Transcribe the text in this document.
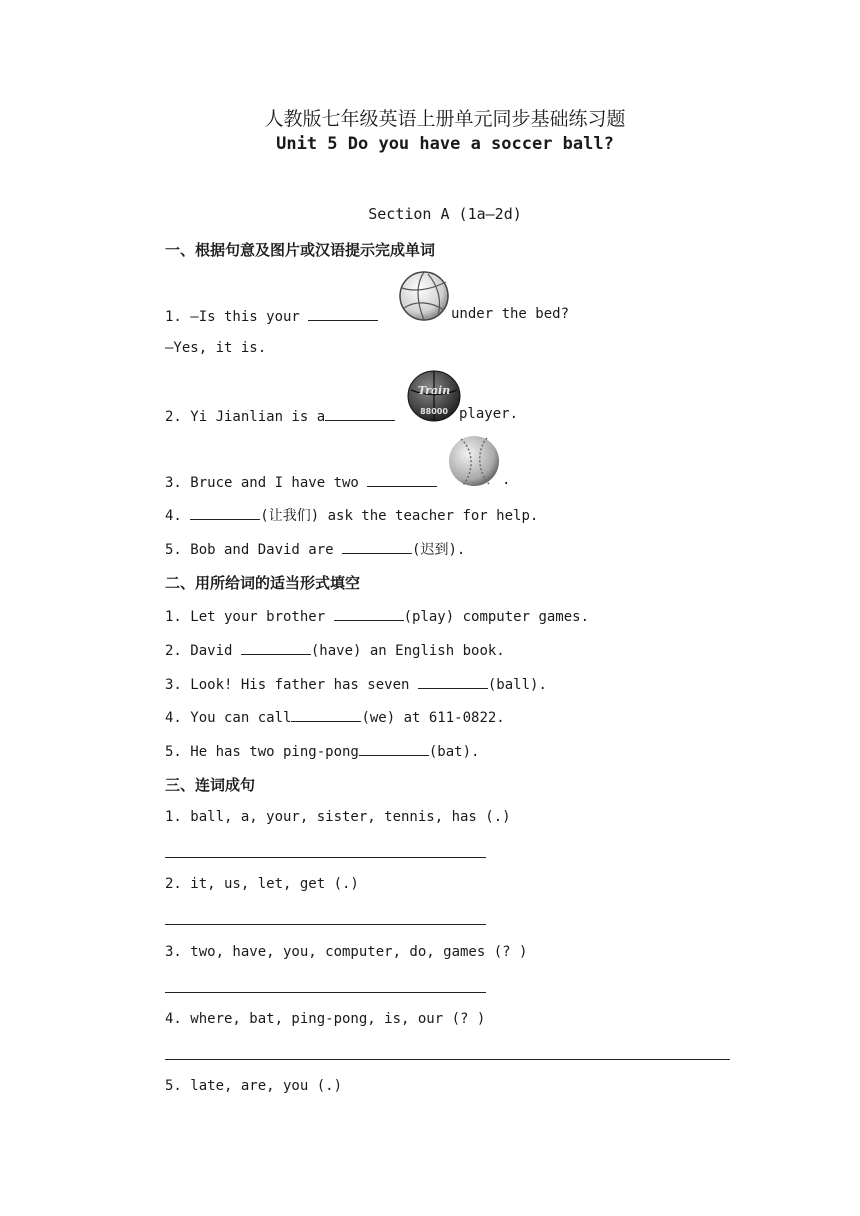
人教版七年级英语上册单元同步基础练习题
Unit 5 Do you have a soccer ball?
Section A (1a—2d)
一、根据句意及图片或汉语提示完成单词
1. —Is this your	under the bed?
—Yes, it is.
2. Yi Jianlian is a
Train
88000 player.
3. Bruce and I have two	.
4.	(让我们) ask the teacher for help.
5. Bob and David are	(迟到).
二、用所给词的适当形式填空
1. Let your brother	(play) computer games.
2. David	(have) an English book.
3. Look! His father has seven	(ball).
4. You can call	(we) at 611-0822.
5. He has two ping-pong	(bat).
三、连词成句
1. ball, a, your, sister, tennis, has (.)
2. it, us, let, get (.)
3. two, have, you, computer, do, games (? )
4. where, bat, ping-pong, is, our (? )
5. late, are, you (.)
